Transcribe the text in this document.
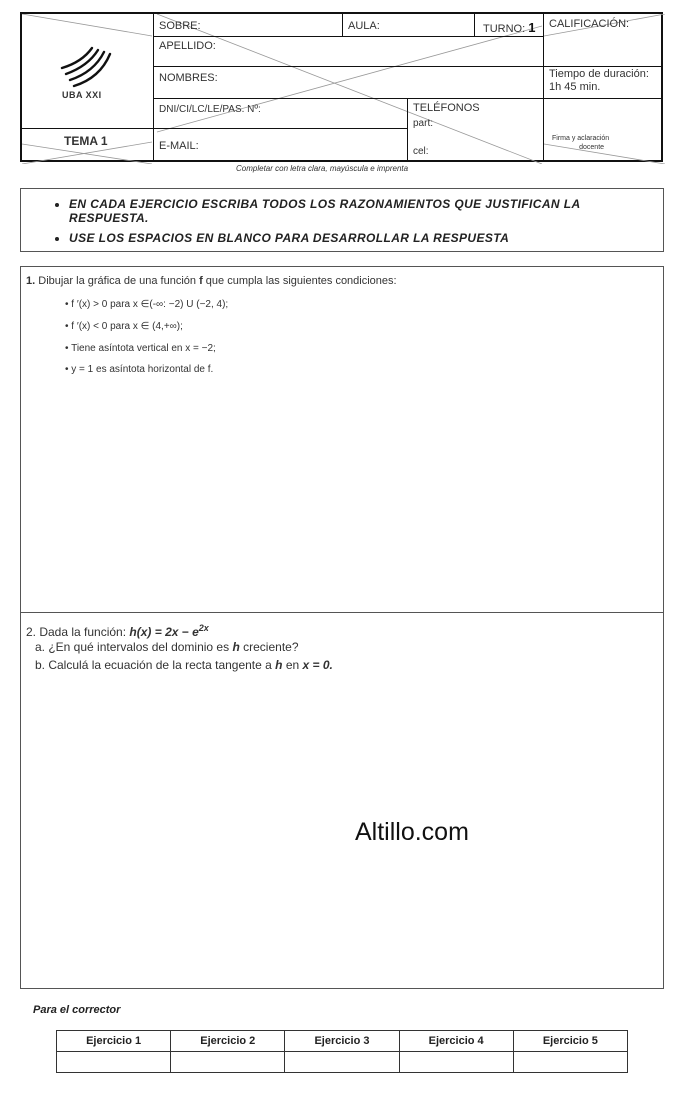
UBA XXI
TEMA 1
SOBRE:	AULA:	TURNO: 1 CALIFICACIÓN:
APELLIDO:
NOMBRES:	Tiempo de duración:
1h 45 min.
DNI/CI/LC/LE/PAS. Nº:	TELÉFONOS
part:
cel:
E-MAIL:
Firma y aclaración
docente
Completar con letra clara, mayúscula e imprenta
• EN CADA EJERCICIO ESCRIBA TODOS LOS RAZONAMIENTOS QUE JUSTIFICAN LA RESPUESTA.
• USE LOS ESPACIOS EN BLANCO PARA DESARROLLAR LA RESPUESTA
1. Dibujar la gráfica de una función f que cumpla las siguientes condiciones:
• f ′(x) > 0 para x ∈(-∞: −2) U (−2, 4);
• f ′(x) < 0 para x ∈ (4,+∞);
• Tiene asíntota vertical en x = −2;
• y = 1 es asíntota horizontal de f.
2. Dada la función: $h(x) = 2x - e^{2x}$
a. ¿En qué intervalos del dominio es h creciente?
b. Calculá la ecuación de la recta tangente a h en x = 0.
Altillo.com
Para el corrector
Ejercicio 1	Ejercicio 2	Ejercicio 3	Ejercicio 4	Ejercicio 5
